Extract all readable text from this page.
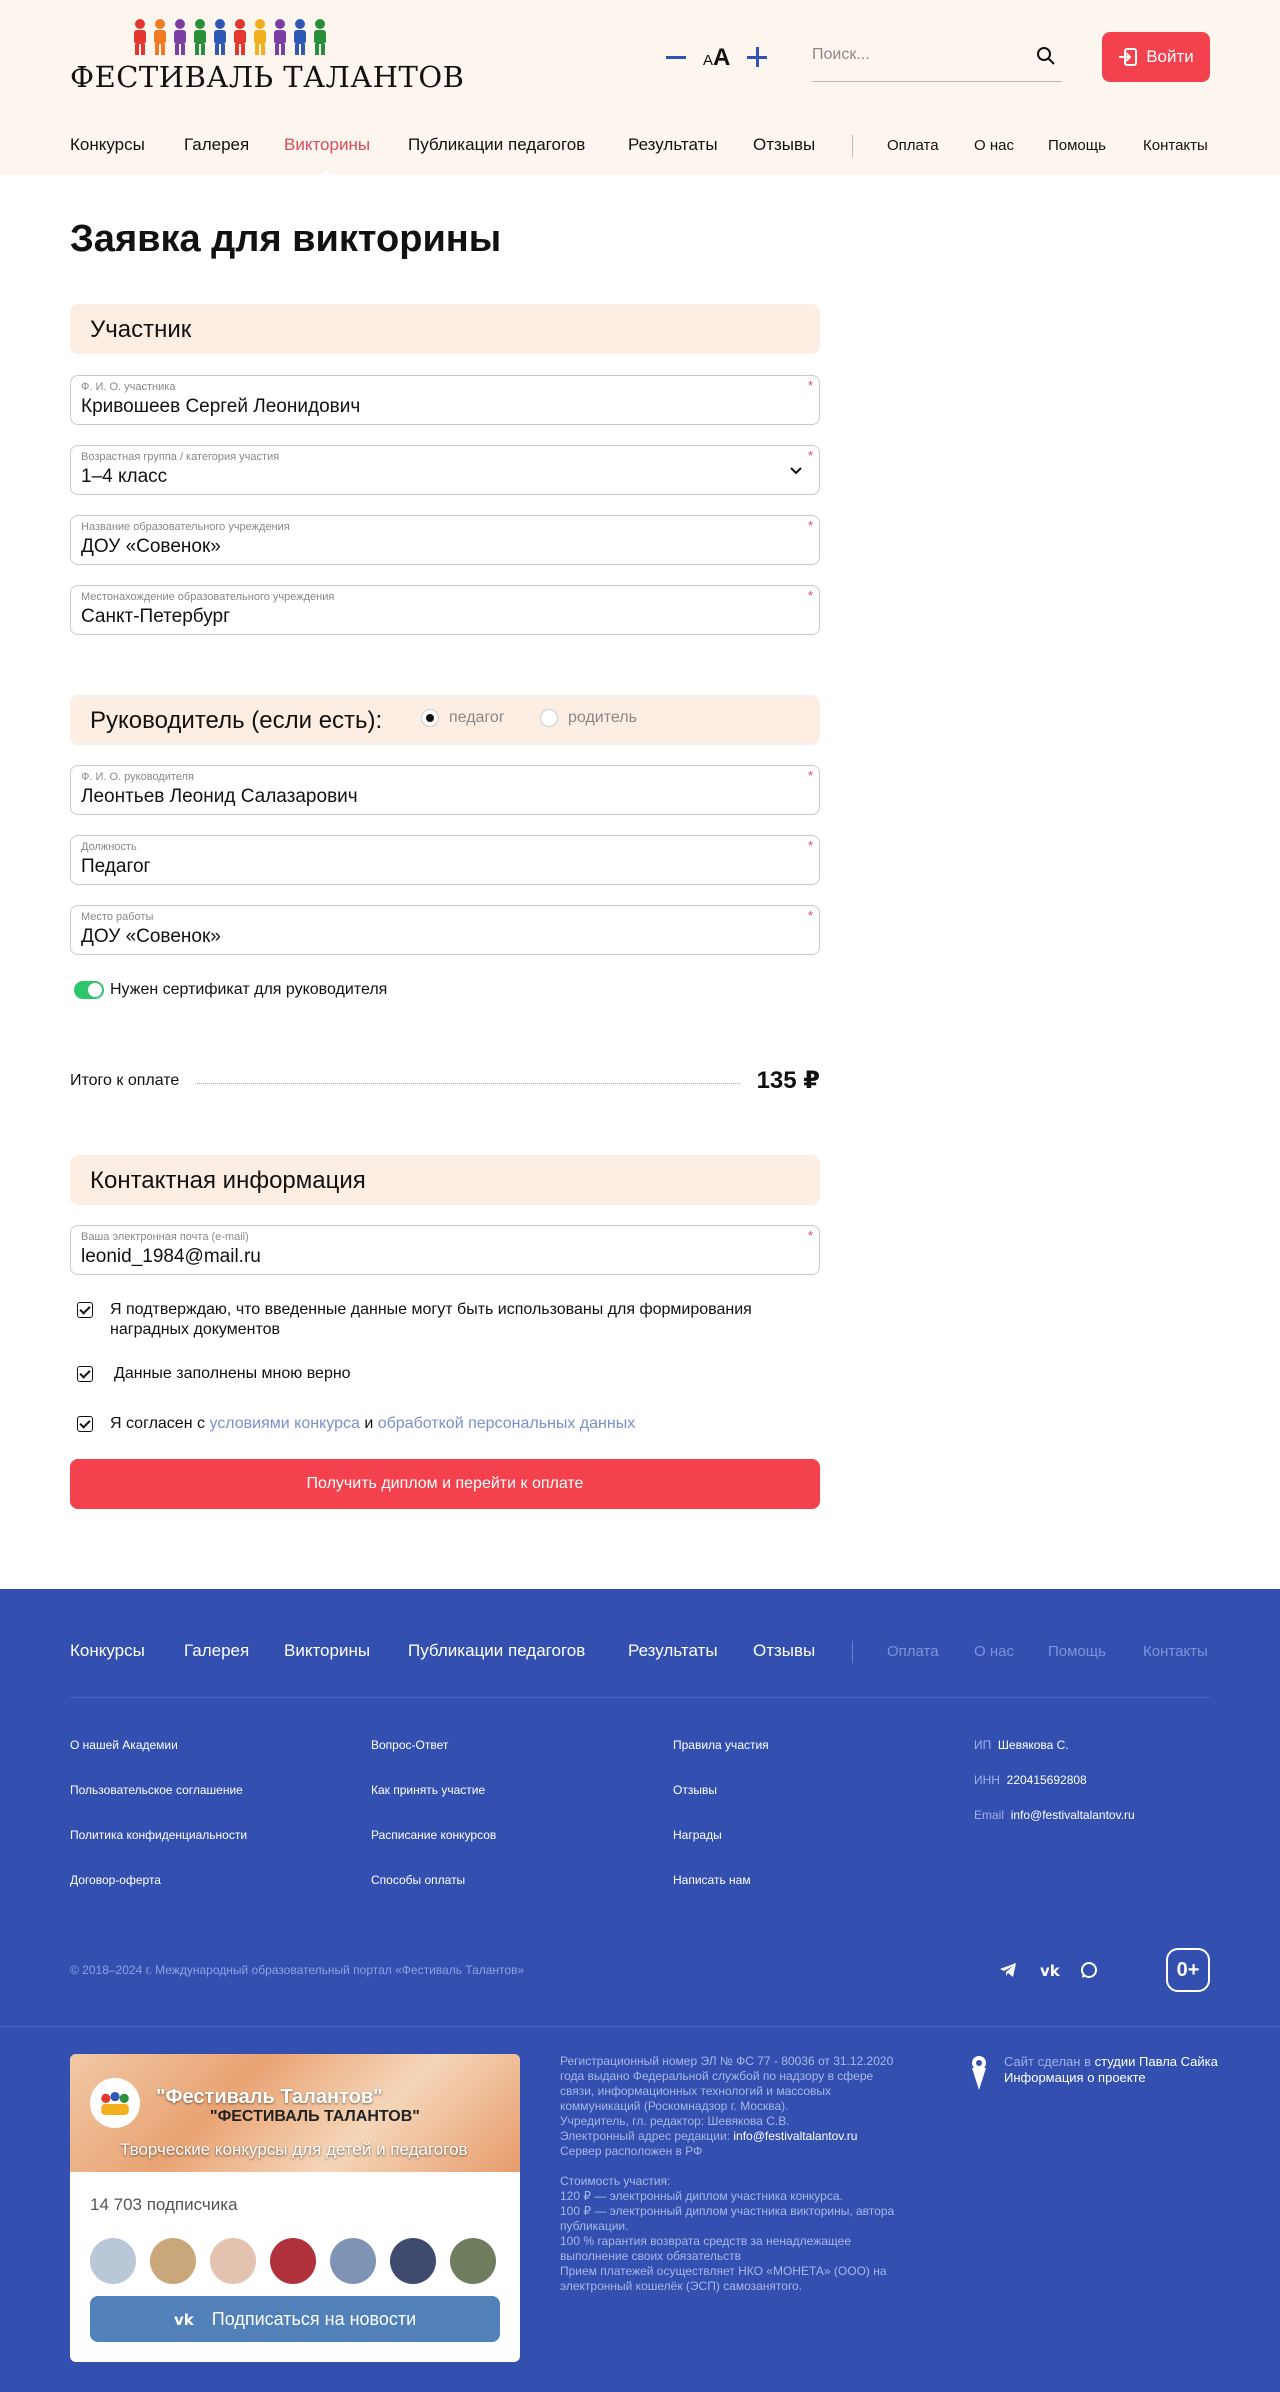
ФЕСТИВАЛЬ ТАЛАНТОВ	AA	Поиск...	Войти
Конкурсы Галерея Викторины Публикации педагогов	Результаты Отзывы	Оплата О нас Помощь Контакты
Заявка для викторины
Участник
Ф. И. О. участника
Кривошеев Сергей Леонидович
*
Возрастная группа / категория участия
1–4 класс
*
Название образовательного учреждения
ДОУ «Совенок»
*
Местонахождение образовательного учреждения
Санкт-Петербург
*
Руководитель (если есть):	педагог	родитель
Ф. И. О. руководителя
Леонтьев Леонид Салазарович
*
Должность
Педагог
*
Место работы
ДОУ «Совенок»
*
Нужен сертификат для руководителя
Итого к оплате	135 ₽
Контактная информация
Ваша электронная почта (e-mail)
leonid_1984@mail.ru
*
Я подтверждаю, что введенные данные могут быть использованы для формирования наградных документов
Данные заполнены мною верно
Я согласен с условиями конкурса и обработкой персональных данных
Получить диплом и перейти к оплате
Конкурсы Галерея Викторины Публикации педагогов	Результаты Отзывы	Оплата О нас Помощь Контакты
О нашей Академии
Пользовательское соглашение
Политика конфиденциальности
Договор-оферта
Вопрос-Ответ
Как принять участие
Расписание конкурсов
Способы оплаты
Правила участия
Отзывы
Награды
Написать нам
ИП Шевякова С.
ИНН 220415692808
Email info@festivaltalantov.ru
© 2018–2024 г. Международный образовательный портал «Фестиваль Талантов»	vk	0+
"Фестиваль Талантов"
"ФЕСТИВАЛЬ ТАЛАНТОВ"
Творческие конкурсы для детей и педагогов
14 703 подписчика
vk Подписаться на новости
Регистрационный номер ЭЛ № ФС 77 - 80036 от 31.12.2020
года выдано Федеральной службой по надзору в сфере
связи, информационных технологий и массовых
коммуникаций (Роскомнадзор г. Москва).
Учредитель, гл. редактор: Шевякова С.В.
Электронный адрес редакции: info@festivaltalantov.ru
Сервер расположен в РФ
Стоимость участия:
120 ₽ — электронный диплом участника конкурса.
100 ₽ — электронный диплом участника викторины, автора
публикации.
100 % гарантия возврата средств за ненадлежащее
выполнение своих обязательств
Прием платежей осуществляет НКО «МОНЕТА» (ООО) на
электронный кошелёк (ЭСП) самозанятого.
Сайт сделан в студии Павла Сайка
Информация о проекте
